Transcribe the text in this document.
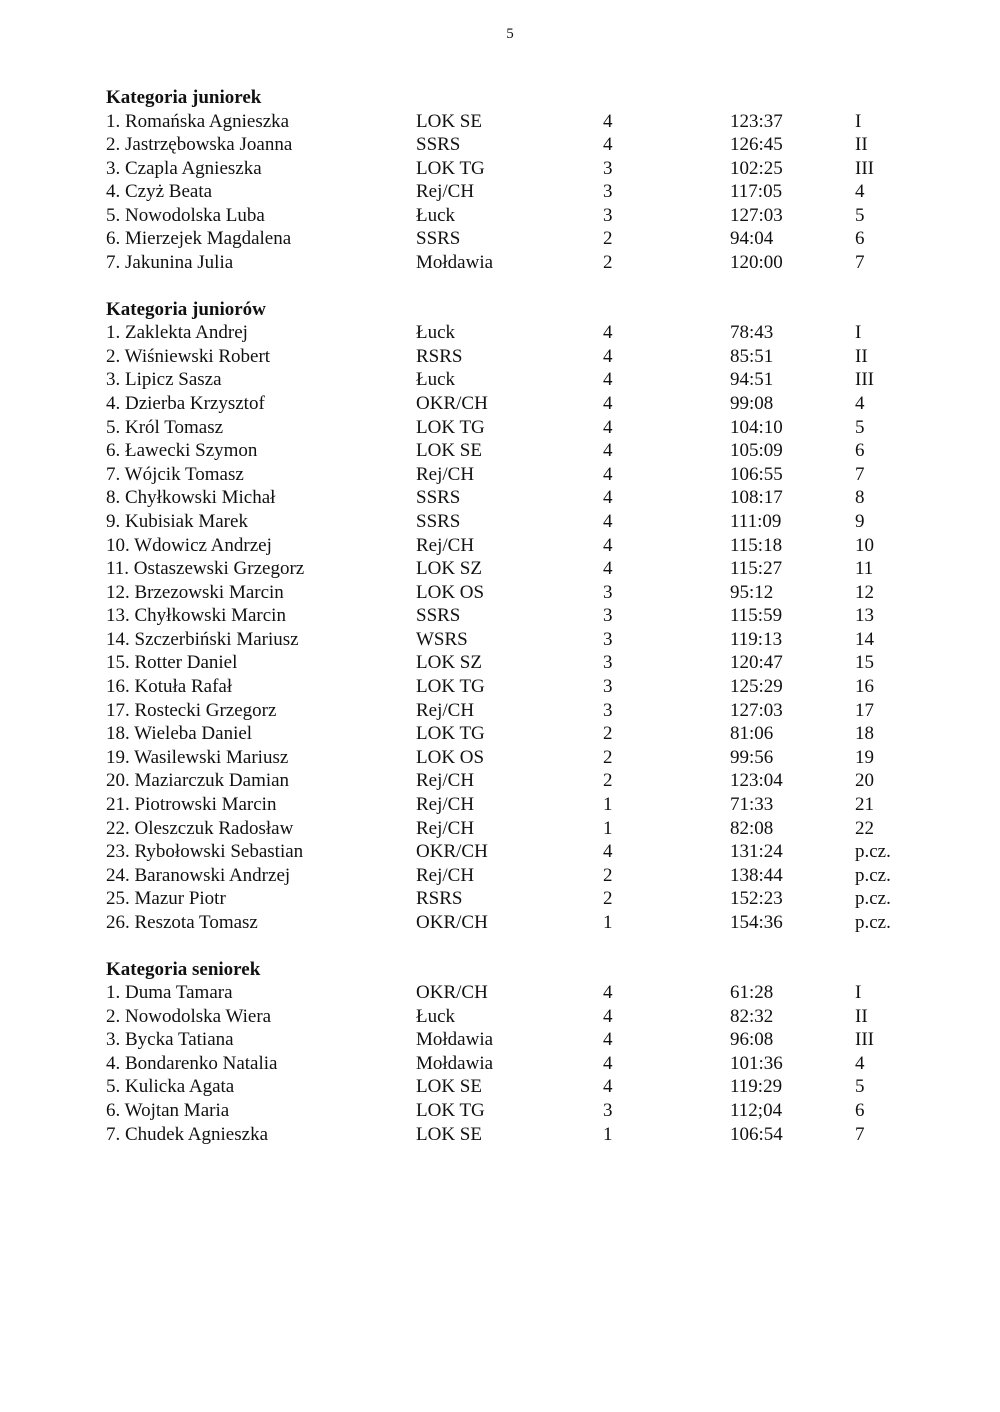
5
Kategoria juniorek
1. Romańska Agnieszka	LOK SE	4	123:37	I
2. Jastrzębowska Joanna	SSRS	4	126:45	II
3. Czapla Agnieszka	LOK TG	3	102:25	III
4. Czyż Beata	Rej/CH	3	117:05	4
5. Nowodolska Luba	Łuck	3	127:03	5
6. Mierzejek Magdalena	SSRS	2	94:04	6
7. Jakunina Julia	Mołdawia	2	120:00	7
Kategoria juniorów
1. Zaklekta Andrej	Łuck	4	78:43	I
2. Wiśniewski Robert	RSRS	4	85:51	II
3. Lipicz Sasza	Łuck	4	94:51	III
4. Dzierba Krzysztof	OKR/CH	4	99:08	4
5. Król Tomasz	LOK TG	4	104:10	5
6. Ławecki Szymon	LOK SE	4	105:09	6
7. Wójcik Tomasz	Rej/CH	4	106:55	7
8. Chyłkowski Michał	SSRS	4	108:17	8
9. Kubisiak Marek	SSRS	4	111:09	9
10. Wdowicz Andrzej	Rej/CH	4	115:18	10
11. Ostaszewski Grzegorz	LOK SZ	4	115:27	11
12. Brzezowski Marcin	LOK OS	3	95:12	12
13. Chyłkowski Marcin	SSRS	3	115:59	13
14. Szczerbiński Mariusz	WSRS	3	119:13	14
15. Rotter Daniel	LOK SZ	3	120:47	15
16. Kotuła Rafał	LOK TG	3	125:29	16
17. Rostecki Grzegorz	Rej/CH	3	127:03	17
18. Wieleba Daniel	LOK TG	2	81:06	18
19. Wasilewski Mariusz	LOK OS	2	99:56	19
20. Maziarczuk Damian	Rej/CH	2	123:04	20
21. Piotrowski Marcin	Rej/CH	1	71:33	21
22. Oleszczuk Radosław	Rej/CH	1	82:08	22
23. Rybołowski Sebastian	OKR/CH	4	131:24	p.cz.
24. Baranowski Andrzej	Rej/CH	2	138:44	p.cz.
25. Mazur Piotr	RSRS	2	152:23	p.cz.
26. Reszota Tomasz	OKR/CH	1	154:36	p.cz.
Kategoria seniorek
1. Duma Tamara	OKR/CH	4	61:28	I
2. Nowodolska Wiera	Łuck	4	82:32	II
3. Bycka Tatiana	Mołdawia	4	96:08	III
4. Bondarenko Natalia	Mołdawia	4	101:36	4
5. Kulicka Agata	LOK SE	4	119:29	5
6. Wojtan Maria	LOK TG	3	112;04	6
7. Chudek Agnieszka	LOK SE	1	106:54	7
